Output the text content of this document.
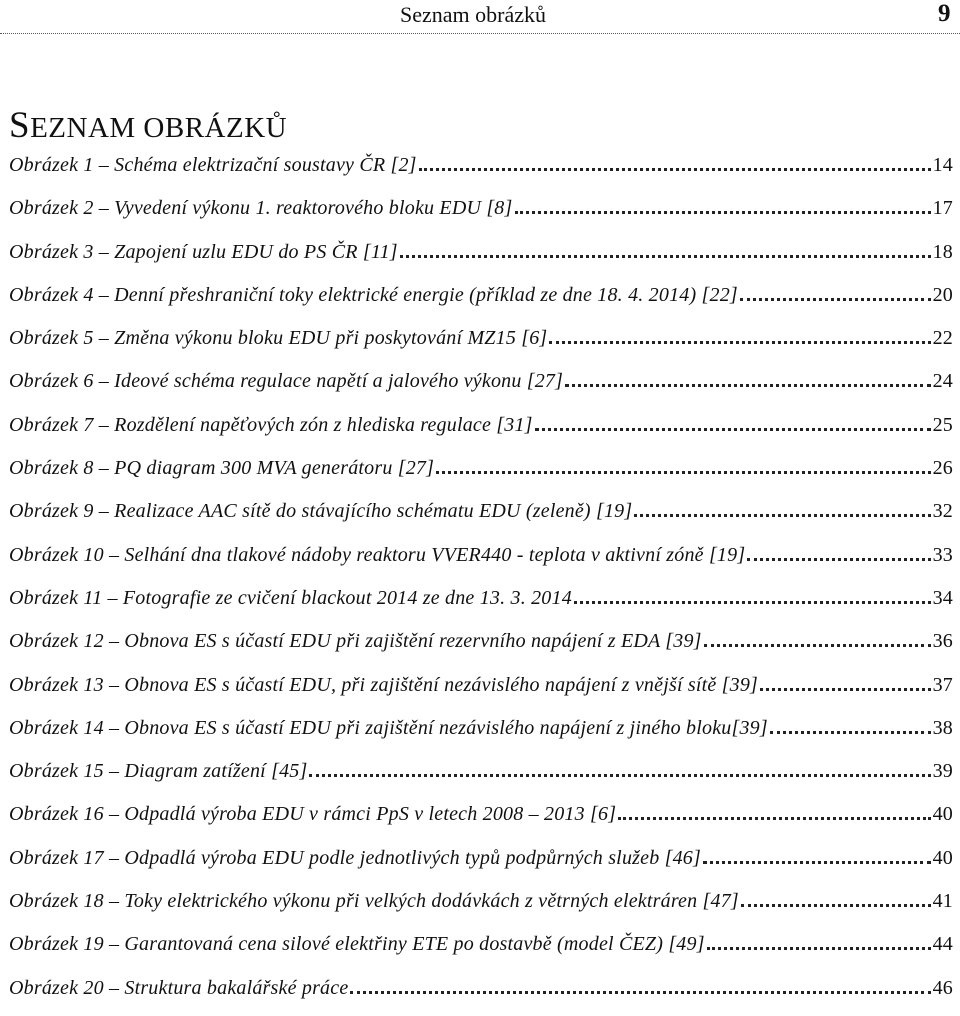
Seznam obrázků	9
SEZNAM OBRÁZKŮ
Obrázek 1 – Schéma elektrizační soustavy ČR [2]	14
Obrázek 2 – Vyvedení výkonu 1. reaktorového bloku EDU [8]	17
Obrázek 3 – Zapojení uzlu EDU do PS ČR [11]	18
Obrázek 4 – Denní přeshraniční toky elektrické energie (příklad ze dne 18. 4. 2014) [22]	20
Obrázek 5 – Změna výkonu bloku EDU při poskytování MZ15 [6]	22
Obrázek 6 – Ideové schéma regulace napětí a jalového výkonu [27]	24
Obrázek 7 – Rozdělení napěťových zón z hlediska regulace [31]	25
Obrázek 8 – PQ diagram 300 MVA generátoru [27]	26
Obrázek 9 – Realizace AAC sítě do stávajícího schématu EDU (zeleně) [19]	32
Obrázek 10 – Selhání dna tlakové nádoby reaktoru VVER440 - teplota v aktivní zóně [19]	33
Obrázek 11 – Fotografie ze cvičení blackout 2014 ze dne 13. 3. 2014	34
Obrázek 12 – Obnova ES s účastí EDU při zajištění rezervního napájení z EDA [39]	36
Obrázek 13 – Obnova ES s účastí EDU, při zajištění nezávislého napájení z vnější sítě [39]	37
Obrázek 14 – Obnova ES s účastí EDU při zajištění nezávislého napájení z jiného bloku[39]	38
Obrázek 15 – Diagram zatížení [45]	39
Obrázek 16 – Odpadlá výroba EDU v rámci PpS v letech 2008 – 2013 [6]	40
Obrázek 17 – Odpadlá výroba EDU podle jednotlivých typů podpůrných služeb [46]	40
Obrázek 18 – Toky elektrického výkonu při velkých dodávkách z větrných elektráren [47]	41
Obrázek 19 – Garantovaná cena silové elektřiny ETE po dostavbě (model ČEZ) [49]	44
Obrázek 20 – Struktura bakalářské práce	46
